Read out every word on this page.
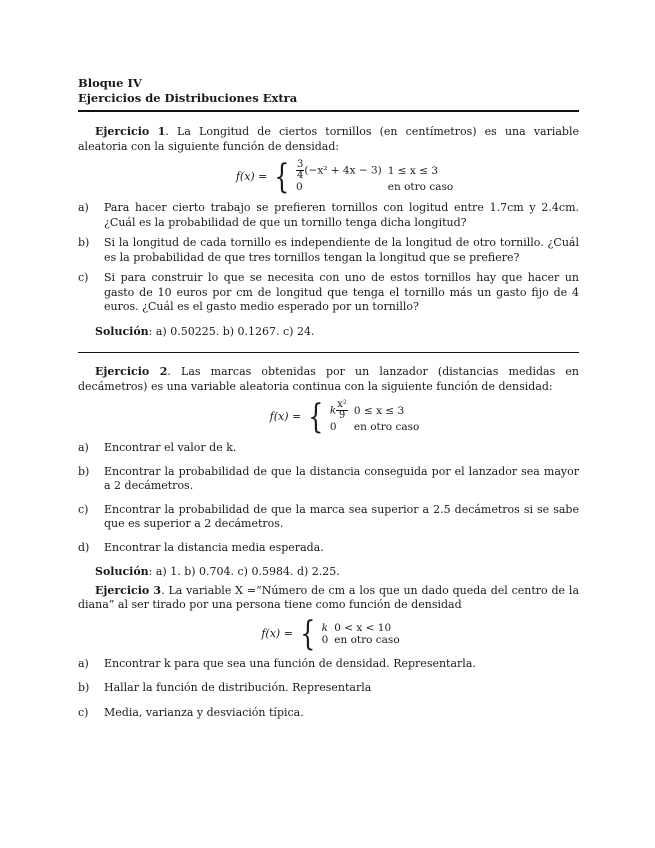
Bloque IV
Ejercicios de Distribuciones Extra

Ejercicio 1. La Longitud de ciertos tornillos (en centímetros) es una variable aleatoria con la siguiente función de densidad:

f(x) = { $\frac{3}{4} (-x^2 + 4x - 3)$	1 ≤ x ≤ 3
0	en otro caso
a)	Para hacer cierto trabajo se prefieren tornillos con logitud entre 1.7cm y 2.4cm. ¿Cuál es la probabilidad de que un tornillo tenga dicha longitud?
b)	Si la longitud de cada tornillo es independiente de la longitud de otro tornillo. ¿Cuál es la probabilidad de que tres tornillos tengan la longitud que se prefiere?
c)	Si para construir lo que se necesita con uno de estos tornillos hay que hacer un gasto de 10 euros por cm de longitud que tenga el tornillo más un gasto fijo de 4 euros. ¿Cuál es el gasto medio esperado por un tornillo?

Solución: a) 0.50225. b) 0.1267. c) 24.

Ejercicio 2. Las marcas obtenidas por un lanzador (distancias medidas en decámetros) es una variable aleatoria continua con la siguiente función de densidad:

f(x) = { k $\frac{\text{x²}}{9}$	0 ≤ x ≤ 3
0	en otro caso
a)	Encontrar el valor de k.
b)	Encontrar la probabilidad de que la distancia conseguida por el lanzador sea mayor a 2 decámetros.
c)	Encontrar la probabilidad de que la marca sea superior a 2.5 decámetros si se sabe que es superior a 2 decámetros.
d)	Encontrar la distancia media esperada.

Solución: a) 1. b) 0.704. c) 0.5984. d) 2.25.

Ejercicio 3. La variable X =“Número de cm a los que un dado queda del centro de la diana” al ser tirado por una persona tiene como función de densidad

f(x) = { k	0 < x < 10
0	en otro caso
a)	Encontrar k para que sea una función de densidad. Representarla.
b)	Hallar la función de distribución. Representarla
c)	Media, varianza y desviación típica.
